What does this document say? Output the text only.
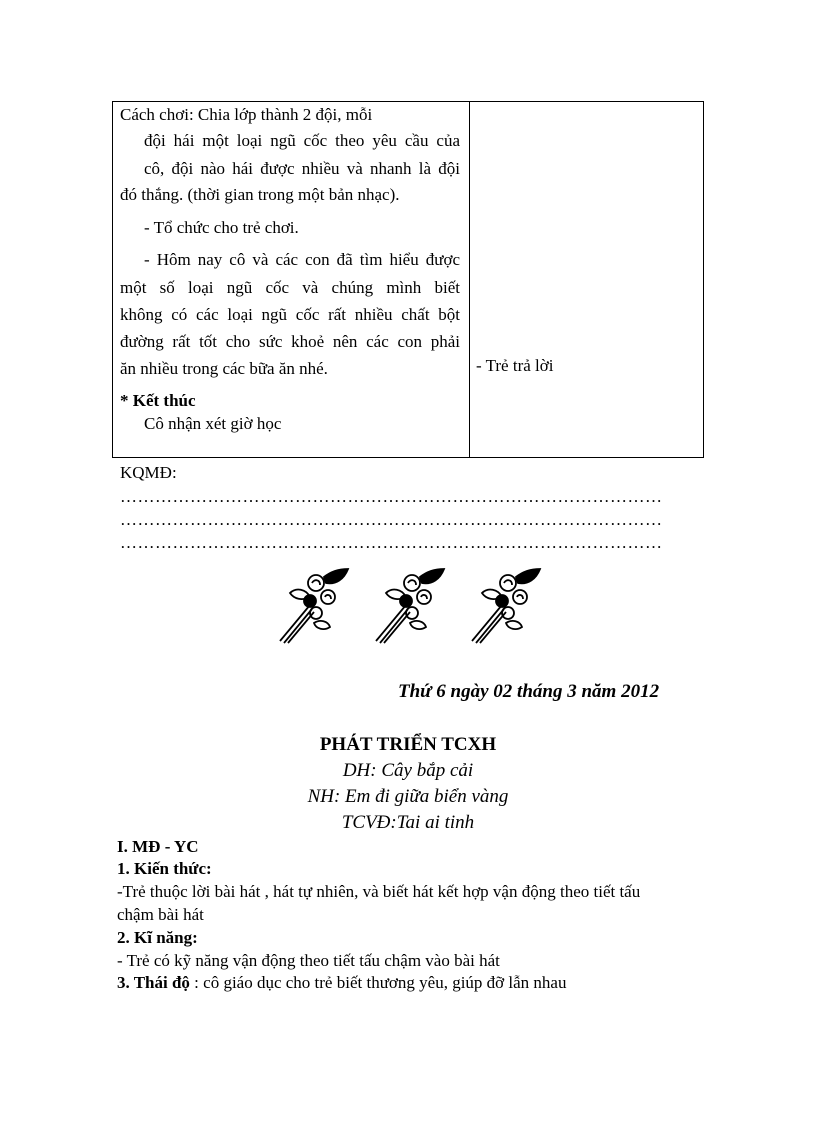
Cách chơi: Chia lớp thành 2 đội, mỗi
đội hái một loại ngũ cốc theo yêu cầu của
cô, đội nào hái được nhiều và nhanh là đội
đó thắng. (thời gian trong một bản nhạc).
- Tổ chức cho trẻ chơi.
- Hôm nay cô và các con đã tìm hiểu được
một số loại ngũ cốc và chúng mình biết
không có các loại ngũ cốc rất nhiều chất bột
đường rất tốt cho sức khoẻ nên các con phải
ăn nhiều trong các bữa ăn nhé.
* Kết thúc
Cô nhận xét giờ học
- Trẻ trả lời
KQMĐ:
…………………………………………………………………………………
…………………………………………………………………………………
…………………………………………………………………………………
Thứ 6 ngày 02 tháng 3 năm 2012
PHÁT TRIỂN TCXH
DH: Cây bắp cải
NH: Em đi giữa biển vàng
TCVĐ:Tai ai tinh
I. MĐ - YC
1. Kiến thức:
-Trẻ thuộc lời bài hát , hát tự nhiên, và biết hát kết hợp vận động theo tiết tấu
chậm bài hát
2. Kĩ năng:
- Trẻ có kỹ năng vận động theo tiết tấu chậm vào bài hát
3. Thái độ : cô giáo dục cho trẻ biết thương yêu, giúp đỡ lẫn nhau
